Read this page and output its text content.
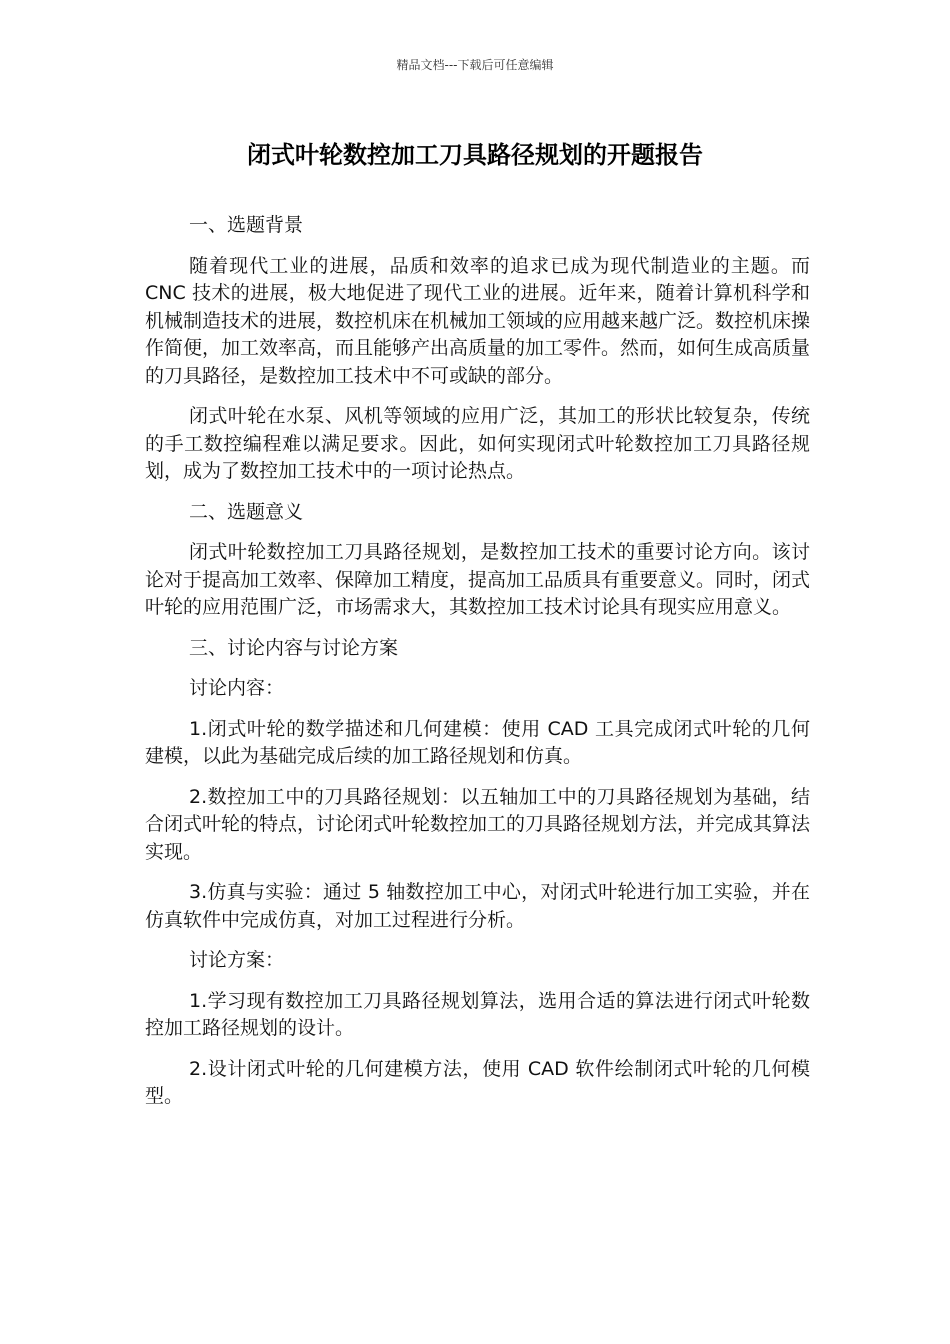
精品文档---下载后可任意编辑
闭式叶轮数控加工刀具路径规划的开题报告

一、选题背景

随着现代工业的进展，品质和效率的追求已成为现代制造业的主题。而 CNC 技术的进展，极大地促进了现代工业的进展。近年来，随着计算机科学和机械制造技术的进展，数控机床在机械加工领域的应用越来越广泛。数控机床操作简便，加工效率高，而且能够产出高质量的加工零件。然而，如何生成高质量的刀具路径，是数控加工技术中不可或缺的部分。

闭式叶轮在水泵、风机等领域的应用广泛，其加工的形状比较复杂，传统的手工数控编程难以满足要求。因此，如何实现闭式叶轮数控加工刀具路径规划，成为了数控加工技术中的一项讨论热点。

二、选题意义

闭式叶轮数控加工刀具路径规划，是数控加工技术的重要讨论方向。该讨论对于提高加工效率、保障加工精度，提高加工品质具有重要意义。同时，闭式叶轮的应用范围广泛，市场需求大，其数控加工技术讨论具有现实应用意义。

三、讨论内容与讨论方案

讨论内容：

1.闭式叶轮的数学描述和几何建模：使用 CAD 工具完成闭式叶轮的几何建模，以此为基础完成后续的加工路径规划和仿真。

2.数控加工中的刀具路径规划：以五轴加工中的刀具路径规划为基础，结合闭式叶轮的特点，讨论闭式叶轮数控加工的刀具路径规划方法，并完成其算法实现。

3.仿真与实验：通过 5 轴数控加工中心，对闭式叶轮进行加工实验，并在仿真软件中完成仿真，对加工过程进行分析。

讨论方案：

1.学习现有数控加工刀具路径规划算法，选用合适的算法进行闭式叶轮数控加工路径规划的设计。

2.设计闭式叶轮的几何建模方法，使用 CAD 软件绘制闭式叶轮的几何模型。
